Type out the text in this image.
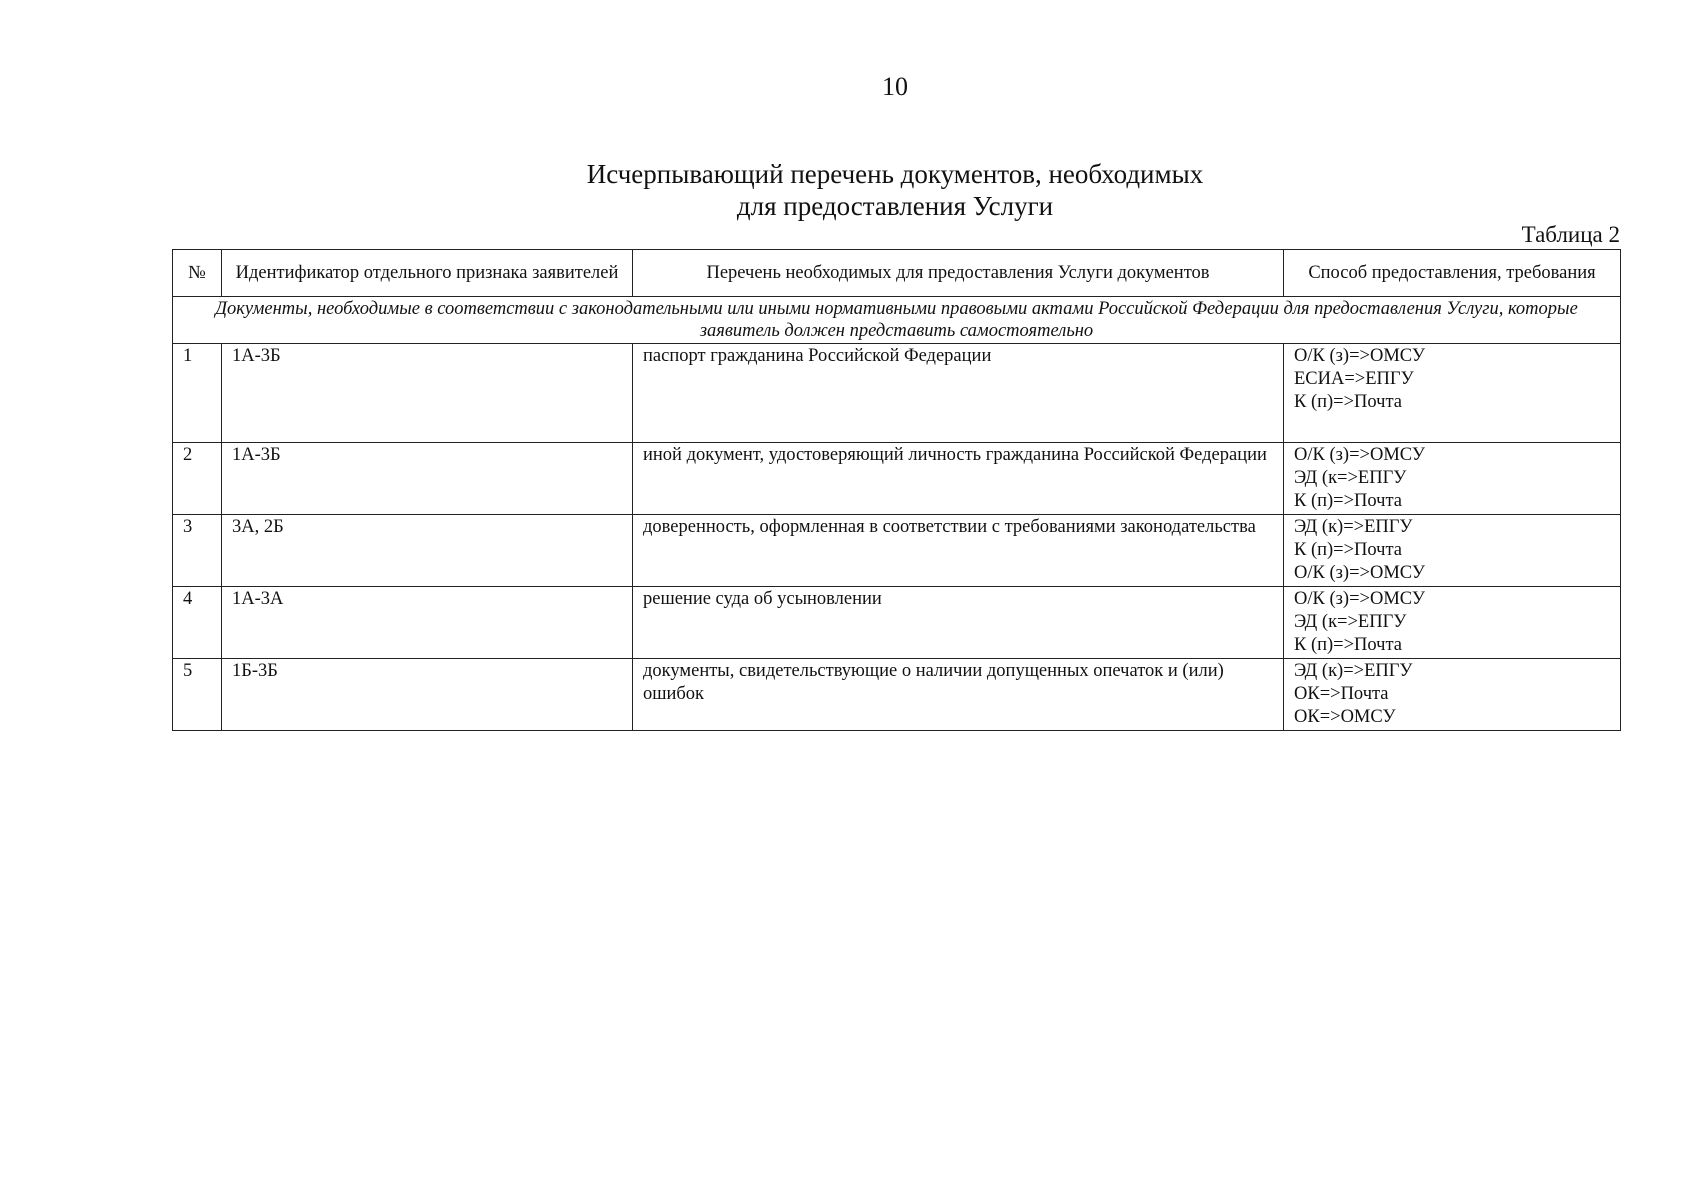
10
Исчерпывающий перечень документов, необходимых
для предоставления Услуги
Таблица 2
№	Идентификатор отдельного признака заявителей	Перечень необходимых для предоставления Услуги документов	Способ предоставления, требования
Документы, необходимые в соответствии с законодательными или иными нормативными правовыми актами Российской Федерации для предоставления Услуги, которые заявитель должен представить самостоятельно			
1	1А-3Б	паспорт гражданина Российской Федерации	О/К (з)=>ОМСУ
ЕСИА=>ЕПГУ
К (п)=>Почта

2	1А-3Б	иной документ, удостоверяющий личность гражданина Российской Федерации	О/К (з)=>ОМСУ
ЭД (к=>ЕПГУ
К (п)=>Почта

3	3А, 2Б	доверенность, оформленная в соответствии с требованиями законодательства	ЭД (к)=>ЕПГУ
К (п)=>Почта
О/К (з)=>ОМСУ

4	1А-3А	решение суда об усыновлении	О/К (з)=>ОМСУ
ЭД (к=>ЕПГУ
К (п)=>Почта

5	1Б-3Б	документы, свидетельствующие о наличии допущенных опечаток и (или) ошибок	ЭД (к)=>ЕПГУ
ОК=>Почта
ОК=>ОМСУ
